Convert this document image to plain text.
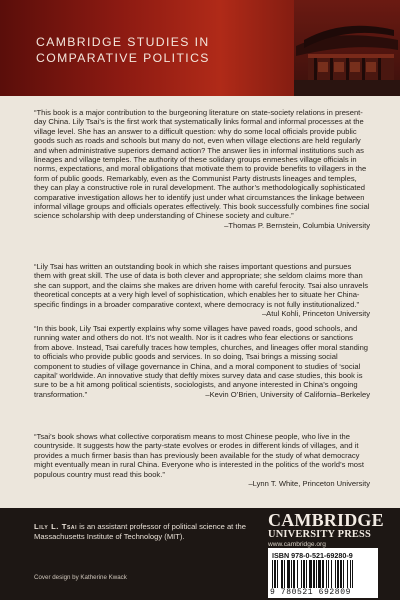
CAMBRIDGE STUDIES IN
COMPARATIVE POLITICS
“This book is a major contribution to the burgeoning literature on state-society relations in present-day China. Lily Tsai’s is the first work that systematically links formal and informal processes at the village level. She has an answer to a difficult question: why do some local officials provide public goods such as roads and schools but many do not, even when village elections are held regularly and when administrative superiors demand action? The answer lies in informal institutions such as lineages and village temples. The authority of these solidary groups enmeshes village officials in norms, expectations, and moral obligations that motivate them to provide benefits to villagers in the form of public goods. Remarkably, even as the Communist Party distrusts lineages and temples, they can play a constructive role in rural development. The author’s methodologically sophisticated comparative investigation allows her to identify just under what circumstances the linkage between informal village groups and officials operates effectively. This book successfully combines fine social science scholarship with deep understanding of Chinese society and culture.”
–Thomas P. Bernstein, Columbia University
“Lily Tsai has written an outstanding book in which she raises important questions and pursues them with great skill. The use of data is both clever and appropriate; she seldom claims more than she can support, and the claims she makes are driven home with careful ferocity. Tsai also unravels theoretical concepts at a very high level of sophistication, which enables her to situate her China-specific findings in a broader comparative context, where democracy is not fully institutionalized.”
–Atul Kohli, Princeton University
“In this book, Lily Tsai expertly explains why some villages have paved roads, good schools, and running water and others do not. It’s not wealth. Nor is it cadres who fear elections or sanctions from above. Instead, Tsai carefully traces how temples, churches, and lineages offer moral standing to officials who provide public goods and services. In so doing, Tsai brings a missing social component to studies of village governance in China, and a moral component to studies of ‘social capital’ worldwide. An innovative study that deftly mixes survey data and case studies, this book is sure to be a hit among political scientists, sociologists, and anyone interested in China’s ongoing transformation.”	–Kevin O’Brien, University of California–Berkeley
“Tsai’s book shows what collective corporatism means to most Chinese people, who live in the countryside. It suggests how the party-state evolves or erodes in different kinds of villages, and it provides a much firmer basis than has previously been available for the study of what democracy might eventually mean in rural China. Everyone who is interested in the politics of the world’s most populous country must read this book.”
–Lynn T. White, Princeton University
Lily L. Tsai is an assistant professor of political science at the Massachusetts Institute of Technology (MIT).
Cover design by Katherine Kwack
CAMBRIDGE
UNIVERSITY PRESS
www.cambridge.org
ISBN 978-0-521-69280-9
9 780521 692809
